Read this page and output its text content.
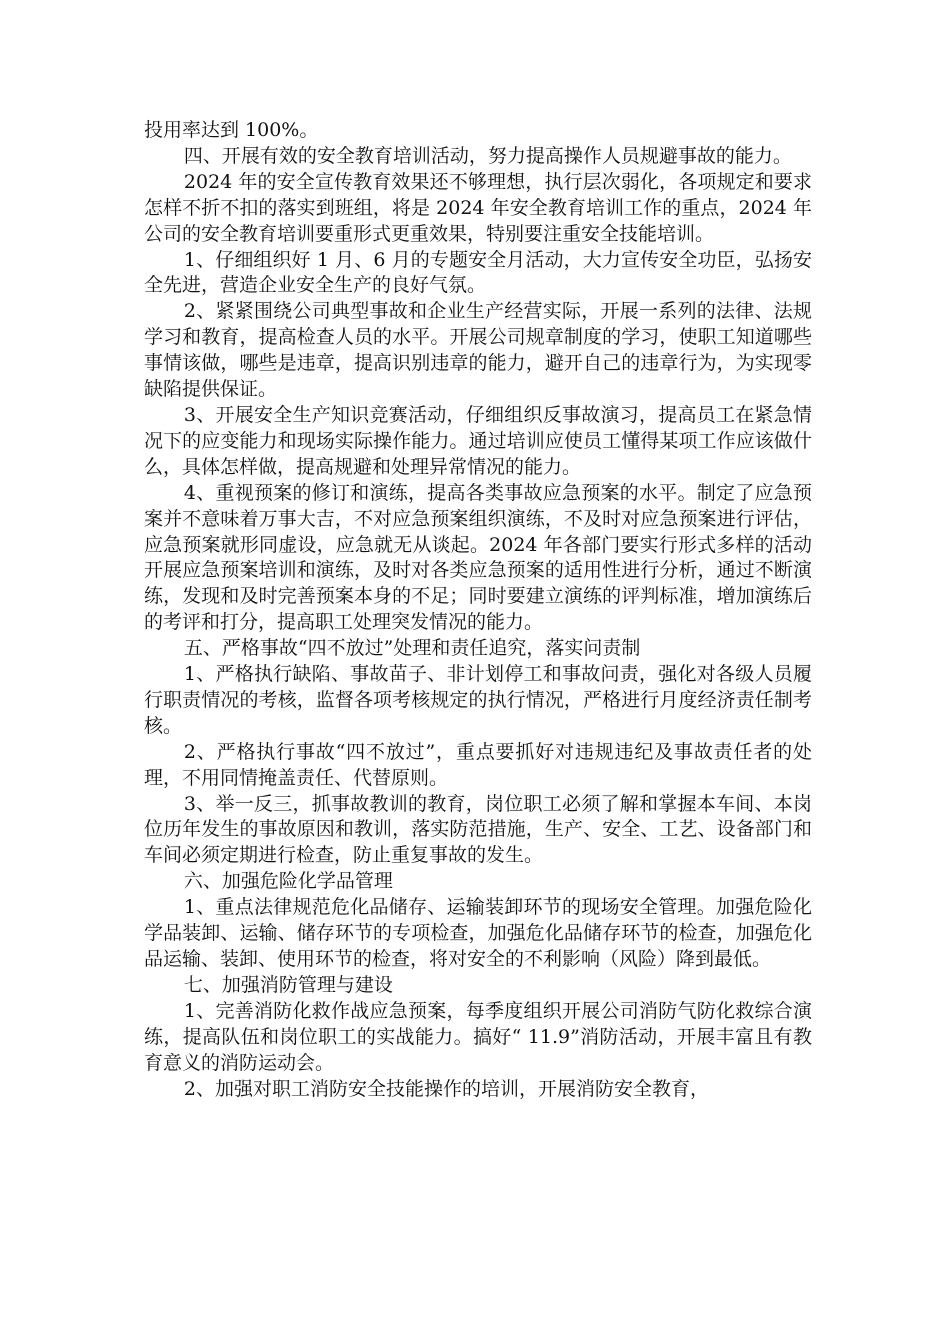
投用率达到 100%。

四、开展有效的安全教育培训活动，努力提高操作人员规避事故的能力。

2024 年的安全宣传教育效果还不够理想，执行层次弱化，各项规定和要求怎样不折不扣的落实到班组，将是 2024 年安全教育培训工作的重点，2024 年公司的安全教育培训要重形式更重效果，特别要注重安全技能培训。

1、仔细组织好 1 月、6 月的专题安全月活动，大力宣传安全功臣，弘扬安全先进，营造企业安全生产的良好气氛。

2、紧紧围绕公司典型事故和企业生产经营实际，开展一系列的法律、法规学习和教育，提高检查人员的水平。开展公司规章制度的学习，使职工知道哪些事情该做，哪些是违章，提高识别违章的能力，避开自己的违章行为，为实现零缺陷提供保证。

3、开展安全生产知识竞赛活动，仔细组织反事故演习，提高员工在紧急情况下的应变能力和现场实际操作能力。通过培训应使员工懂得某项工作应该做什么，具体怎样做，提高规避和处理异常情况的能力。

4、重视预案的修订和演练，提高各类事故应急预案的水平。制定了应急预案并不意味着万事大吉，不对应急预案组织演练，不及时对应急预案进行评估，应急预案就形同虚设，应急就无从谈起。2024 年各部门要实行形式多样的活动开展应急预案培训和演练，及时对各类应急预案的适用性进行分析，通过不断演练，发现和及时完善预案本身的不足；同时要建立演练的评判标准，增加演练后的考评和打分，提高职工处理突发情况的能力。

五、严格事故“四不放过”处理和责任追究，落实问责制

1、严格执行缺陷、事故苗子、非计划停工和事故问责，强化对各级人员履行职责情况的考核，监督各项考核规定的执行情况，严格进行月度经济责任制考核。

2、严格执行事故“四不放过”，重点要抓好对违规违纪及事故责任者的处理，不用同情掩盖责任、代替原则。

3、举一反三，抓事故教训的教育，岗位职工必须了解和掌握本车间、本岗位历年发生的事故原因和教训，落实防范措施，生产、安全、工艺、设备部门和车间必须定期进行检查，防止重复事故的发生。

六、加强危险化学品管理

1、重点法律规范危化品储存、运输装卸环节的现场安全管理。加强危险化学品装卸、运输、储存环节的专项检查，加强危化品储存环节的检查，加强危化品运输、装卸、使用环节的检查，将对安全的不利影响（风险）降到最低。

七、加强消防管理与建设

1、完善消防化救作战应急预案，每季度组织开展公司消防气防化救综合演练，提高队伍和岗位职工的实战能力。搞好“ 11.9”消防活动，开展丰富且有教育意义的消防运动会。

2、加强对职工消防安全技能操作的培训，开展消防安全教育，
